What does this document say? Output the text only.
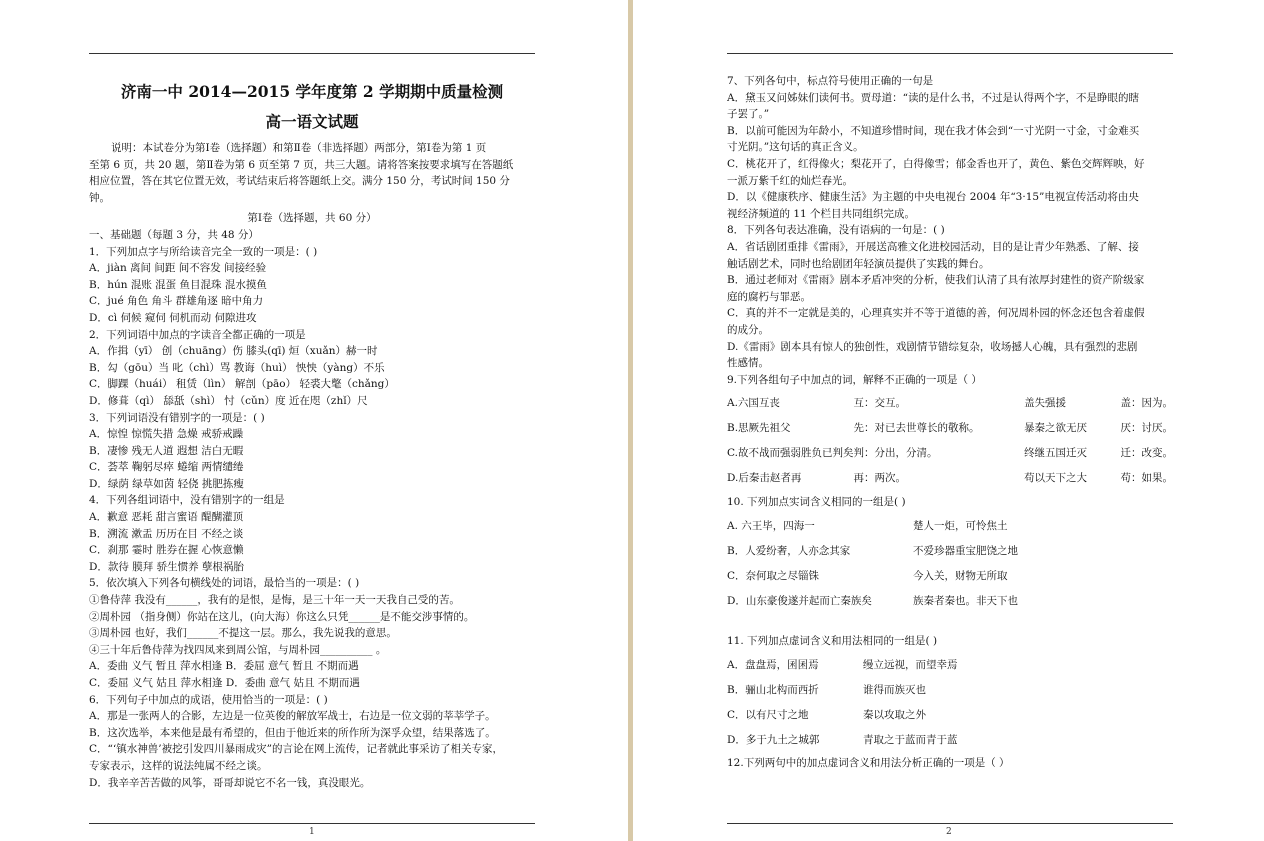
济南一中 2014—2015 学年度第 2 学期期中质量检测
高一语文试题
说明：本试卷分为第Ⅰ卷（选择题）和第Ⅱ卷（非选择题）两部分，第Ⅰ卷为第 1 页
至第 6 页，共 20 题，第Ⅱ卷为第 6 页至第 7 页，共三大题。请将答案按要求填写在答题纸
相应位置，答在其它位置无效，考试结束后将答题纸上交。满分 150 分，考试时间 150 分
钟。
第Ⅰ卷（选择题，共 60 分）
一、基础题（每题 3 分，共 48 分）
1．下列加点字与所给读音完全一致的一项是：( )
A．jiàn 离间 间距 间不容发 间接经验
B．hún 混账 混蛋 鱼目混珠 混水摸鱼
C．jué 角色 角斗 群雄角逐 暗中角力
D．cì 伺候 窥伺 伺机而动 伺隙进攻
2．下列词语中加点的字读音全都正确的一项是
A．作揖（yī） 创（chuāng）伤 膝头(qī) 烜（xuǎn）赫一时
B．勾（gōu）当 叱（chì）骂 教诲（huì） 怏怏（yàng）不乐
C．脚踝（huái） 租赁（lìn） 解剖（pāo） 轻裘大氅（chǎng）
D．修葺（qì） 舔舐（shì） 忖（cǔn）度 近在咫（zhǐ）尺
3．下列词语没有错别字的一项是：( )
A．惊惶 惊慌失措 急燥 戒骄戒躁
B．凄惨 残无人道 遐想 洁白无暇
C．荟萃 鞠躬尽瘁 蜷缩 两情缱绻
D．绿荫 绿草如茵 轻侥 挑肥拣瘦
4．下列各组词语中，没有错别字的一组是
A．歉意 恶耗 甜言蜜语 醍醐灌顶
B．溯流 漱盂 历历在目 不经之谈
C．刹那 霎时 胜券在握 心恢意懒
D．款待 膜拜 骄生惯养 孽根祸胎
5．依次填入下列各句横线处的词语，最恰当的一项是：( )
①鲁侍萍 我没有______，我有的是恨，是悔，是三十年一天一天我自己受的苦。
②周朴园 （指身侧）你站在这儿，(向大海）你这么只凭______是不能交涉事情的。
③周朴园 也好，我们______不提这一层。那么，我先说我的意思。
④三十年后鲁侍萍为找四凤来到周公馆，与周朴园__________ 。
A．委曲 义气 暂且 萍水相逢 B．委屈 意气 暂且 不期而遇
C．委屈 义气 姑且 萍水相逢 D．委曲 意气 姑且 不期而遇
6．下列句子中加点的成语，使用恰当的一项是：( )
A．那是一张两人的合影，左边是一位英俊的解放军战士，右边是一位文弱的莘莘学子。
B．这次选举，本来他是最有希望的，但由于他近来的所作所为深孚众望，结果落选了。
C．“‘镇水神兽’被挖引发四川暴雨成灾”的言论在网上流传，记者就此事采访了相关专家，
专家表示，这样的说法纯属不经之谈。
D．我辛辛苦苦做的风筝，哥哥却说它不名一钱，真没眼光。
1
7、下列各句中，标点符号使用正确的一句是
A．黛玉又问姊妹们读何书。贾母道：“读的是什么书，不过是认得两个字，不是睁眼的瞎
子罢了。”
B．以前可能因为年龄小，不知道珍惜时间，现在我才体会到“一寸光阴一寸金，寸金难买
寸光阴。”这句话的真正含义。
C．桃花开了，红得像火；梨花开了，白得像雪；郁金香也开了，黄色、紫色交辉辉映，好
一派万紫千红的灿烂春光。
D．以《健康秩序、健康生活》为主题的中央电视台 2004 年“3·15”电视宣传活动将由央
视经济频道的 11 个栏目共同组织完成。
8．下列各句表达准确，没有语病的一句是：( )
A．省话剧团重排《雷雨》，开展送高雅文化进校园活动，目的是让青少年熟悉、了解、接
触话剧艺术，同时也给剧团年轻演员提供了实践的舞台。
B．通过老师对《雷雨》剧本矛盾冲突的分析，使我们认清了具有浓厚封建性的资产阶级家
庭的腐朽与罪恶。
C．真的并不一定就是美的，心理真实并不等于道德的善，何况周朴园的怀念还包含着虚假
的成分。
D.《雷雨》剧本具有惊人的独创性，戏剧情节错综复杂，收场撼人心魄，具有强烈的悲剧
性感情。
9.下列各组句子中加点的词，解释不正确的一项是（ ）
A.六国互丧	互：交互。	盖失强援	盖：因为。
B.思厥先祖父	先：对已去世尊长的敬称。	暴秦之欲无厌	厌：讨厌。
C.故不战而强弱胜负已判矣	判：分出，分清。	终继五国迁灭	迁：改变。
D.后秦击赵者再	再：两次。	苟以天下之大	苟：如果。
10. 下列加点实词含义相同的一组是( )
A. 六王毕，四海一	楚人一炬，可怜焦土
B．人爱纷奢，人亦念其家	不爱珍器重宝肥饶之地
C．奈何取之尽锱铢	今入关，财物无所取
D．山东豪俊遂并起而亡秦族矣	族秦者秦也。非天下也
11. 下列加点虚词含义和用法相同的一组是( )
A．盘盘焉，囷囷焉	缦立远视，而望幸焉
B．骊山北构而西折	谁得而族灭也
C．以有尺寸之地	秦以攻取之外
D．多于九土之城郭	青取之于蓝而青于蓝
12.下列两句中的加点虚词含义和用法分析正确的一项是（ ）
2
